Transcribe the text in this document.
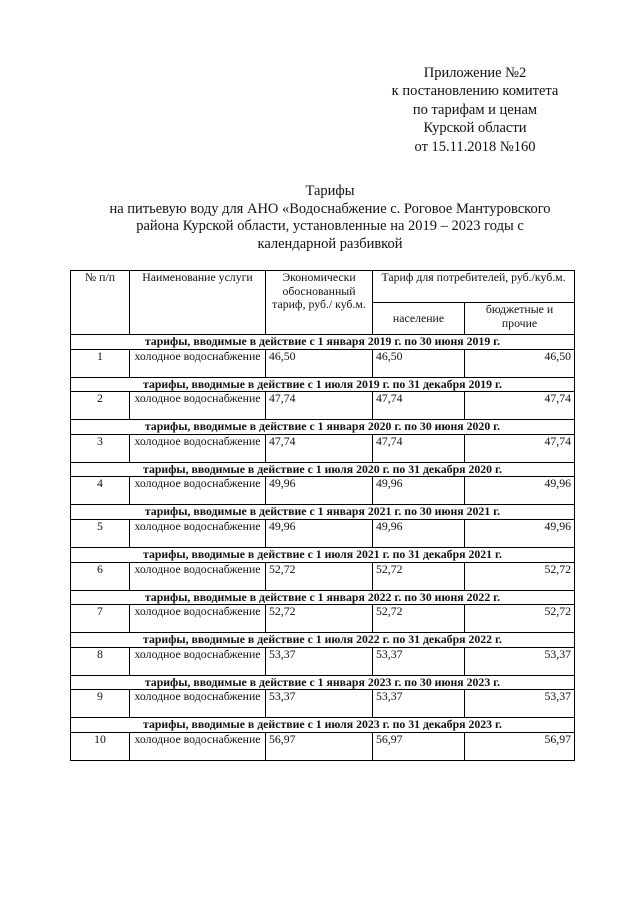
Приложение №2
к постановлению комитета
по тарифам и ценам
Курской области
от 15.11.2018 №160
Тарифы
на питьевую воду для АНО «Водоснабжение с. Роговое Мантуровского
района Курской области, установленные на 2019 – 2023 годы с
календарной разбивкой
№ п/п	Наименование услуги	Экономически обоснованный тариф, руб./ куб.м.	Тариф для потребителей, руб./куб.м.	
			население	бюджетные и прочие
тарифы, вводимые в действие с 1 января 2019 г. по 30 июня 2019 г.				
1	холодное водоснабжение	46,50	46,50	46,50
тарифы, вводимые в действие с 1 июля 2019 г. по 31 декабря 2019 г.				
2	холодное водоснабжение	47,74	47,74	47,74
тарифы, вводимые в действие с 1 января 2020 г. по 30 июня 2020 г.				
3	холодное водоснабжение	47,74	47,74	47,74
тарифы, вводимые в действие с 1 июля 2020 г. по 31 декабря 2020 г.				
4	холодное водоснабжение	49,96	49,96	49,96
тарифы, вводимые в действие с 1 января 2021 г. по 30 июня 2021 г.				
5	холодное водоснабжение	49,96	49,96	49,96
тарифы, вводимые в действие с 1 июля 2021 г. по 31 декабря 2021 г.				
6	холодное водоснабжение	52,72	52,72	52,72
тарифы, вводимые в действие с 1 января 2022 г. по 30 июня 2022 г.				
7	холодное водоснабжение	52,72	52,72	52,72
тарифы, вводимые в действие с 1 июля 2022 г. по 31 декабря 2022 г.				
8	холодное водоснабжение	53,37	53,37	53,37
тарифы, вводимые в действие с 1 января 2023 г. по 30 июня 2023 г.				
9	холодное водоснабжение	53,37	53,37	53,37
тарифы, вводимые в действие с 1 июля 2023 г. по 31 декабря 2023 г.				
10	холодное водоснабжение	56,97	56,97	56,97
